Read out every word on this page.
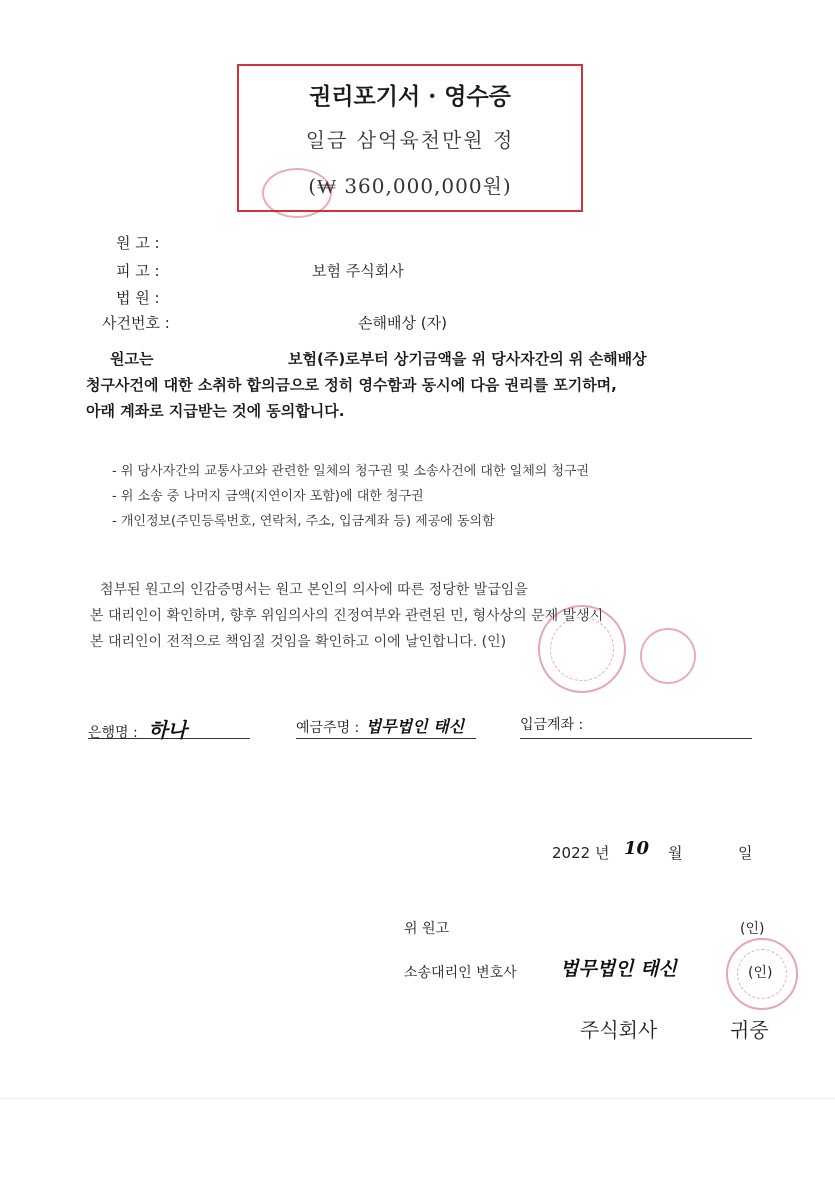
권리포기서 · 영수증
일금 삼억육천만원 정
(₩ 360,000,000원)
원 고 :
피 고 :	보험 주식회사
법 원 :
사건번호 :	손해배상 (자)
원고는	보험(주)로부터 상기금액을 위 당사자간의 위 손해배상
청구사건에 대한 소취하 합의금으로 정히 영수함과 동시에 다음 권리를 포기하며,
아래 계좌로 지급받는 것에 동의합니다.
- 위 당사자간의 교통사고와 관련한 일체의 청구권 및 소송사건에 대한 일체의 청구권
- 위 소송 중 나머지 금액(지연이자 포함)에 대한 청구권
- 개인정보(주민등록번호, 연락처, 주소, 입금계좌 등) 제공에 동의함
첨부된 원고의 인감증명서는 원고 본인의 의사에 따른 정당한 발급임을
본 대리인이 확인하며, 향후 위임의사의 진정여부와 관련된 민, 형사상의 문제 발생시
본 대리인이 전적으로 책임질 것임을 확인하고 이에 날인합니다. (인)
은행명 : 하나	예금주명 : 법무법인 태신	입금계좌 :
2022 년 10 월	일
위 원고	(인)
소송대리인 변호사 법무법인 태신	(인)
주식회사	귀중
